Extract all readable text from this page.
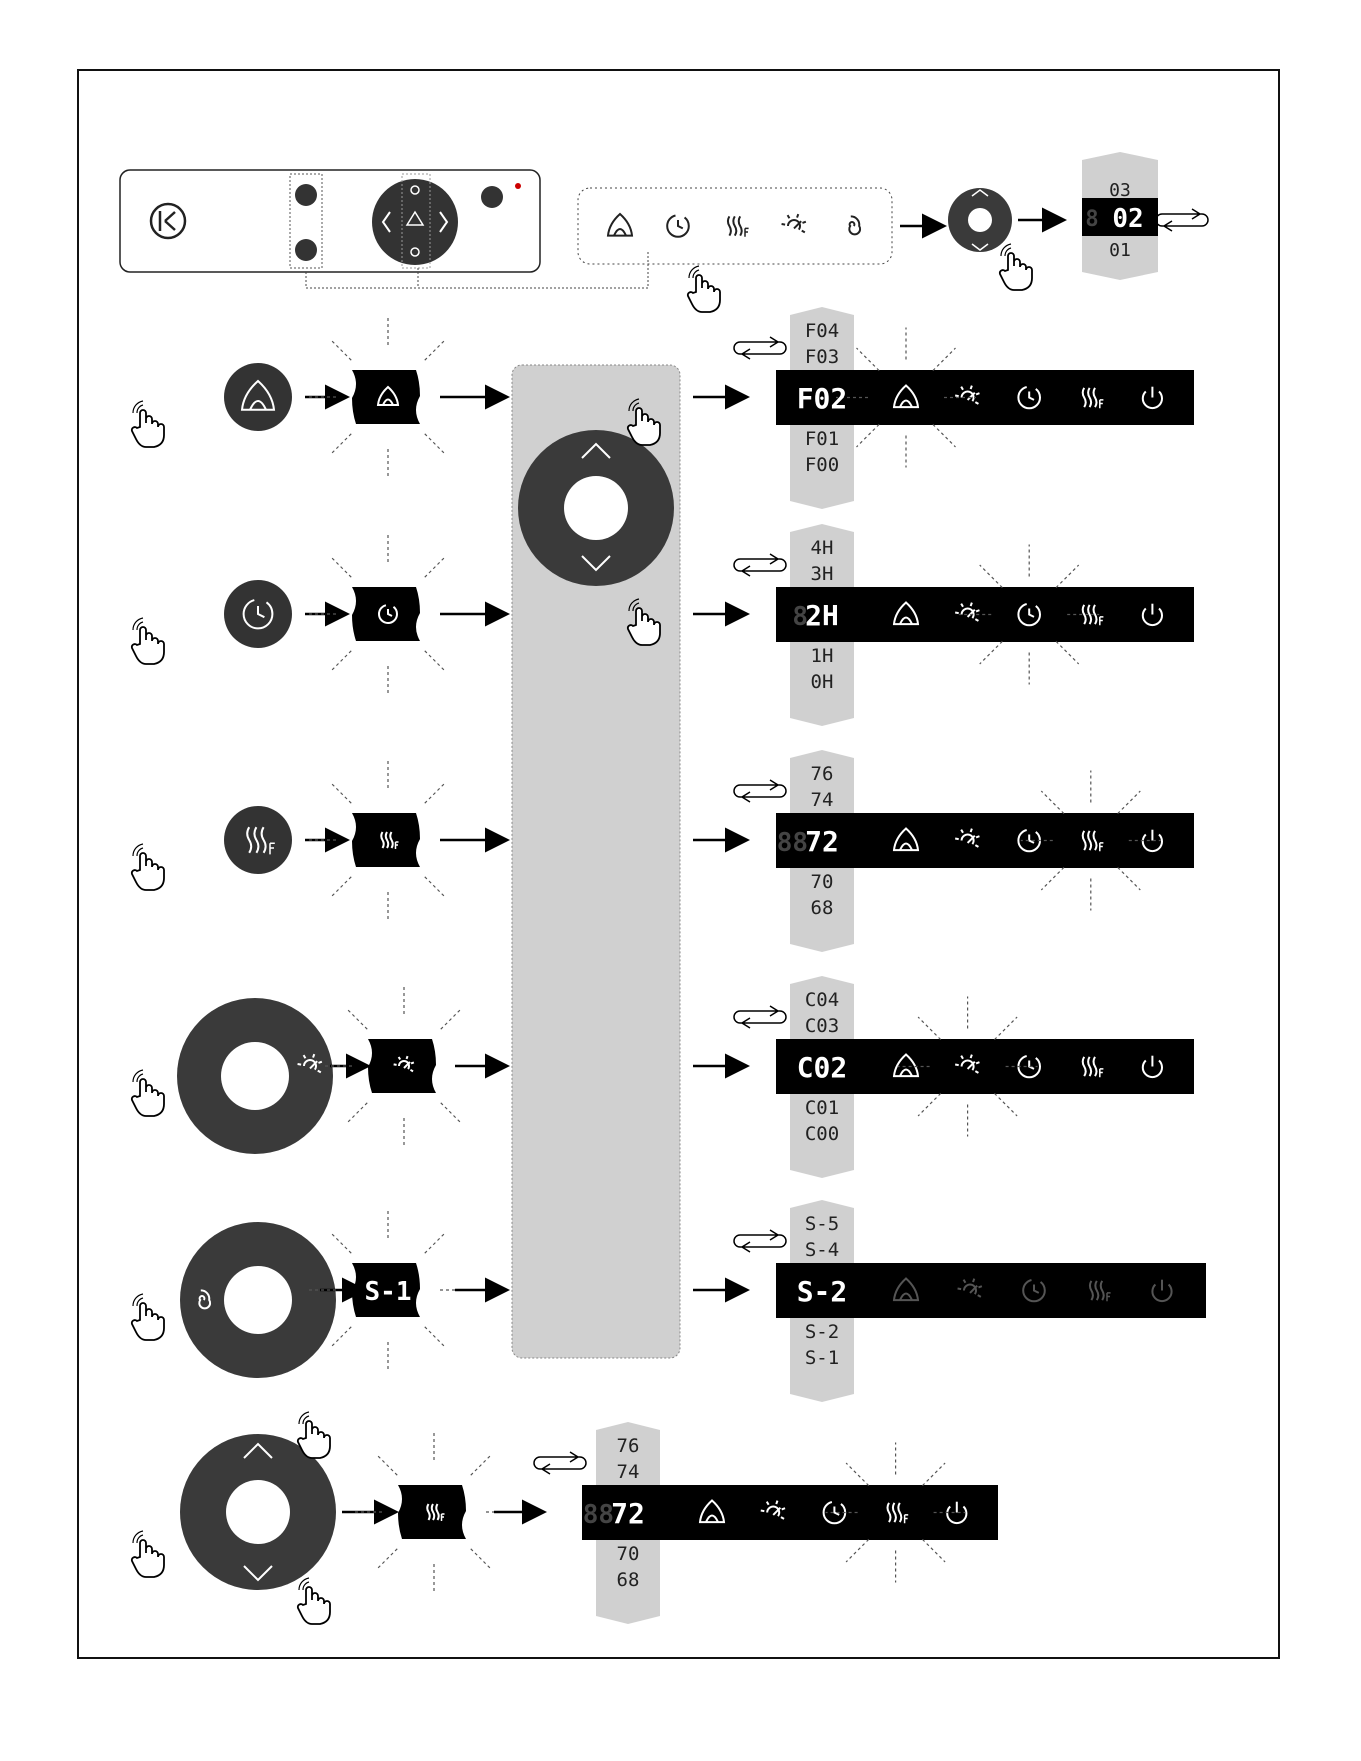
03
8 02
01
F04
F03
F02
F01
F00
4H
3H
8
2H
1H
0H
76
74
88
72
70
68
C04
C03
C02
C01
C00
S-1
S-5
S-4
S-2
S-2
S-1
76
74
88
72
70
68
